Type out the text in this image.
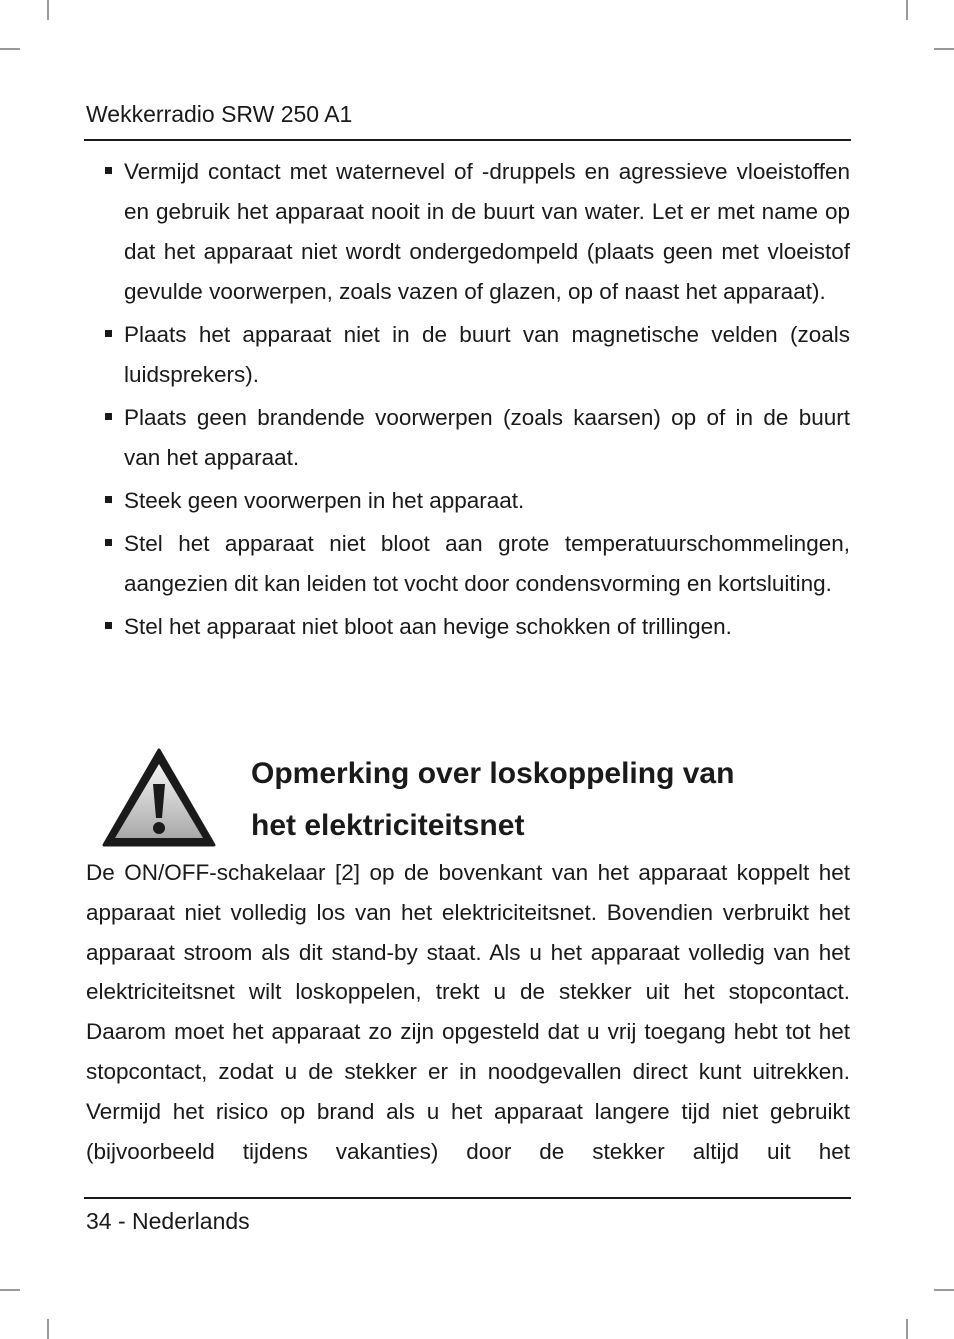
Wekkerradio SRW 250 A1
Vermijd contact met waternevel of -druppels en agressieve vloeistoffen en gebruik het apparaat nooit in de buurt van water. Let er met name op dat het apparaat niet wordt ondergedompeld (plaats geen met vloeistof gevulde voorwerpen, zoals vazen of glazen, op of naast het apparaat).
Plaats het apparaat niet in de buurt van magnetische velden (zoals luidsprekers).
Plaats geen brandende voorwerpen (zoals kaarsen) op of in de buurt van het apparaat.
Steek geen voorwerpen in het apparaat.
Stel het apparaat niet bloot aan grote temperatuurschommelingen, aangezien dit kan leiden tot vocht door condensvorming en kortsluiting.
Stel het apparaat niet bloot aan hevige schokken of trillingen.
Opmerking over loskoppeling van
het elektriciteitsnet

De ON/OFF-schakelaar [2] op de bovenkant van het apparaat koppelt het apparaat niet volledig los van het elektriciteitsnet. Bovendien verbruikt het apparaat stroom als dit stand-by staat. Als u het apparaat volledig van het elektriciteitsnet wilt loskoppelen, trekt u de stekker uit het stopcontact. Daarom moet het apparaat zo zijn opgesteld dat u vrij toegang hebt tot het stopcontact, zodat u de stekker er in noodgevallen direct kunt uitrekken. Vermijd het risico op brand als u het apparaat langere tijd niet gebruikt (bijvoorbeeld tijdens vakanties) door de stekker altijd uit het

34 - Nederlands
